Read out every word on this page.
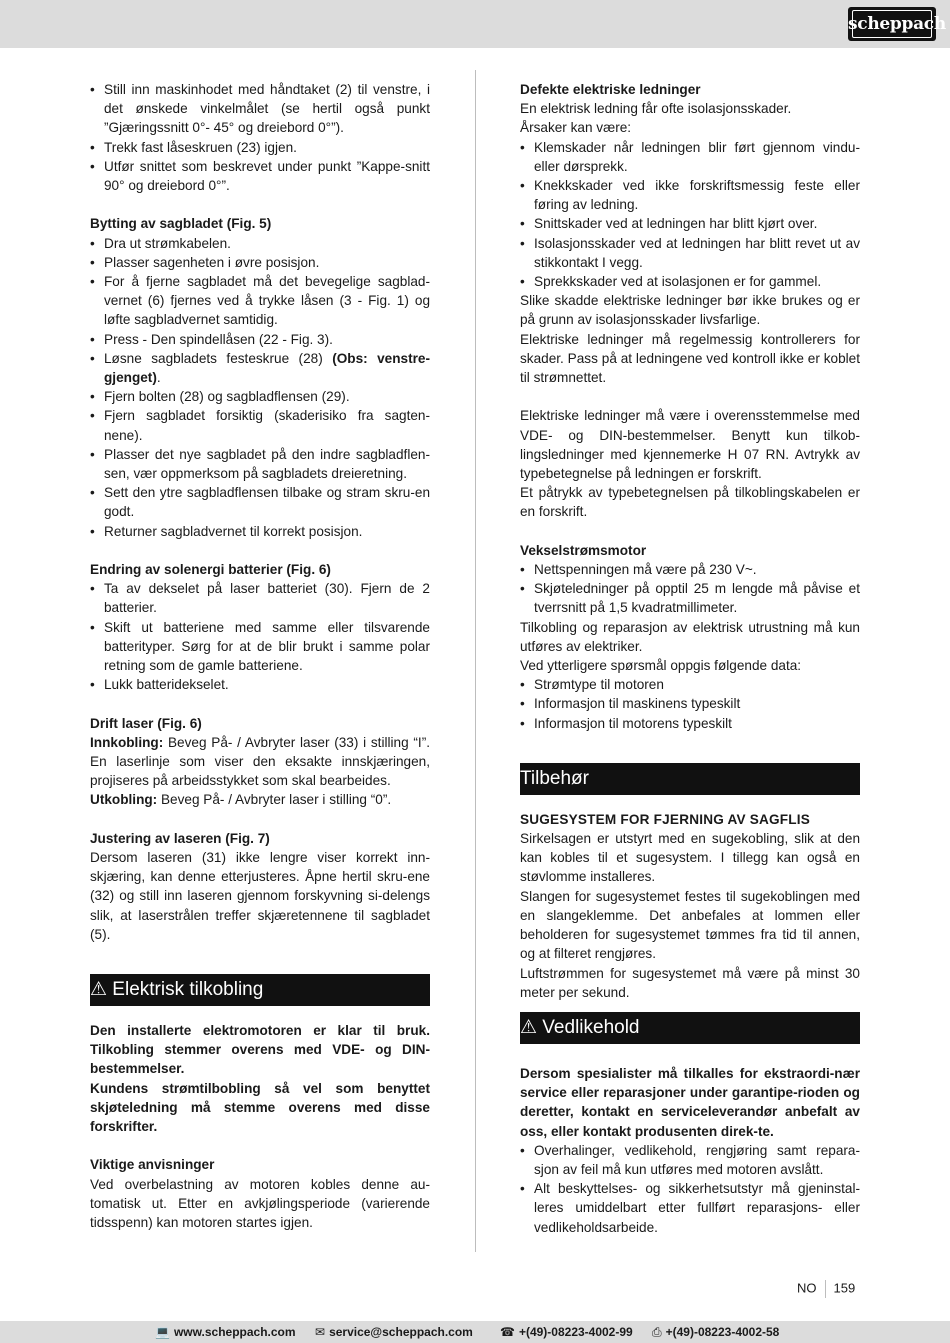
scheppach
• Still inn maskinhodet med håndtaket (2) til venstre, i det ønskede vinkelmålet (se hertil også punkt ”Gjæringssnitt 0°- 45° og dreiebord 0°”).
• Trekk fast låseskruen (23) igjen.
• Utfør snittet som beskrevet under punkt ”Kappe-snitt 90° og dreiebord 0°”.

Bytting av sagbladet (Fig. 5)

• Dra ut strømkabelen.
• Plasser sagenheten i øvre posisjon.
• For å fjerne sagbladet må det bevegelige sagblad-vernet (6) fjernes ved å trykke låsen (3 - Fig. 1) og løfte sagbladvernet samtidig.
• Press - Den spindellåsen (22 - Fig. 3).
• Løsne sagbladets festeskrue (28) (Obs: venstre-gjenget).
• Fjern bolten (28) og sagbladflensen (29).
• Fjern sagbladet forsiktig (skaderisiko fra sagten-nene).
• Plasser det nye sagbladet på den indre sagbladflen-sen, vær oppmerksom på sagbladets dreieretning.
• Sett den ytre sagbladflensen tilbake og stram skru-en godt.
• Returner sagbladvernet til korrekt posisjon.

Endring av solenergi batterier (Fig. 6)

• Ta av dekselet på laser batteriet (30). Fjern de 2 batterier.
• Skift ut batteriene med samme eller tilsvarende batterityper. Sørg for at de blir brukt i samme polar retning som de gamle batteriene.
• Lukk batteridekselet.

Drift laser (Fig. 6)

Innkobling: Beveg På- / Avbryter laser (33) i stilling “I”. En laserlinje som viser den eksakte innskjæringen, projiseres på arbeidsstykket som skal bearbeides.

Utkobling: Beveg På- / Avbryter laser i stilling “0”.

Justering av laseren (Fig. 7)

Dersom laseren (31) ikke lengre viser korrekt inn-skjæring, kan denne etterjusteres. Åpne hertil skru-ene (32) og still inn laseren gjennom forskyvning si-delengs slik, at laserstrålen treffer skjæretennene til sagbladet (5).

⚠ Elektrisk tilkobling

Den installerte elektromotoren er klar til bruk. Tilkobling stemmer overens med VDE- og DIN-bestemmelser.

Kundens strømtilbobling så vel som benyttet skjøteledning må stemme overens med disse forskrifter.

Viktige anvisninger

Ved overbelastning av motoren kobles denne au-tomatisk ut. Etter en avkjølingsperiode (varierende tidsspenn) kan motoren startes igjen.

Defekte elektriske ledninger

En elektrisk ledning får ofte isolasjonsskader.

Årsaker kan være:

• Klemskader når ledningen blir ført gjennom vindu-eller dørsprekk.
• Knekkskader ved ikke forskriftsmessig feste eller føring av ledning.
• Snittskader ved at ledningen har blitt kjørt over.
• Isolasjonsskader ved at ledningen har blitt revet ut av stikkontakt I vegg.
• Sprekkskader ved at isolasjonen er for gammel.

Slike skadde elektriske ledninger bør ikke brukes og er på grunn av isolasjonsskader livsfarlige.

Elektriske ledninger må regelmessig kontrollerers for skader. Pass på at ledningene ved kontroll ikke er koblet til strømnettet.

Elektriske ledninger må være i overensstemmelse med VDE- og DIN-bestemmelser. Benytt kun tilkob-lingsledninger med kjennemerke H 07 RN. Avtrykk av typebetegnelse på ledningen er forskrift.

Et påtrykk av typebetegnelsen på tilkoblingskabelen er en forskrift.

Vekselstrømsmotor

• Nettspenningen må være på 230 V~.
• Skjøteledninger på opptil 25 m lengde må påvise et tverrsnitt på 1,5 kvadratmillimeter.

Tilkobling og reparasjon av elektrisk utrustning må kun utføres av elektriker.

Ved ytterligere spørsmål oppgis følgende data:

• Strømtype til motoren
• Informasjon til maskinens typeskilt
• Informasjon til motorens typeskilt

Tilbehør

SUGESYSTEM FOR FJERNING AV SAGFLIS

Sirkelsagen er utstyrt med en sugekobling, slik at den kan kobles til et sugesystem. I tillegg kan også en støvlomme installeres.

Slangen for sugesystemet festes til sugekoblingen med en slangeklemme. Det anbefales at lommen eller beholderen for sugesystemet tømmes fra tid til annen, og at filteret rengjøres.

Luftstrømmen for sugesystemet må være på minst 30 meter per sekund.

⚠ Vedlikehold

Dersom spesialister må tilkalles for ekstraordi-nær service eller reparasjoner under garantipe-rioden og deretter, kontakt en serviceleverandør anbefalt av oss, eller kontakt produsenten direk-te.

• Overhalinger, vedlikehold, rengjøring samt repara-sjon av feil må kun utføres med motoren avslått.
• Alt beskyttelses- og sikkerhetsutstyr må gjeninstal-leres umiddelbart etter fullført reparasjons- eller vedlikeholdsarbeide.
NO 159
💻 www.scheppach.com ✉ service@scheppach.com ☎ +(49)-08223-4002-99 ⎙ +(49)-08223-4002-58
